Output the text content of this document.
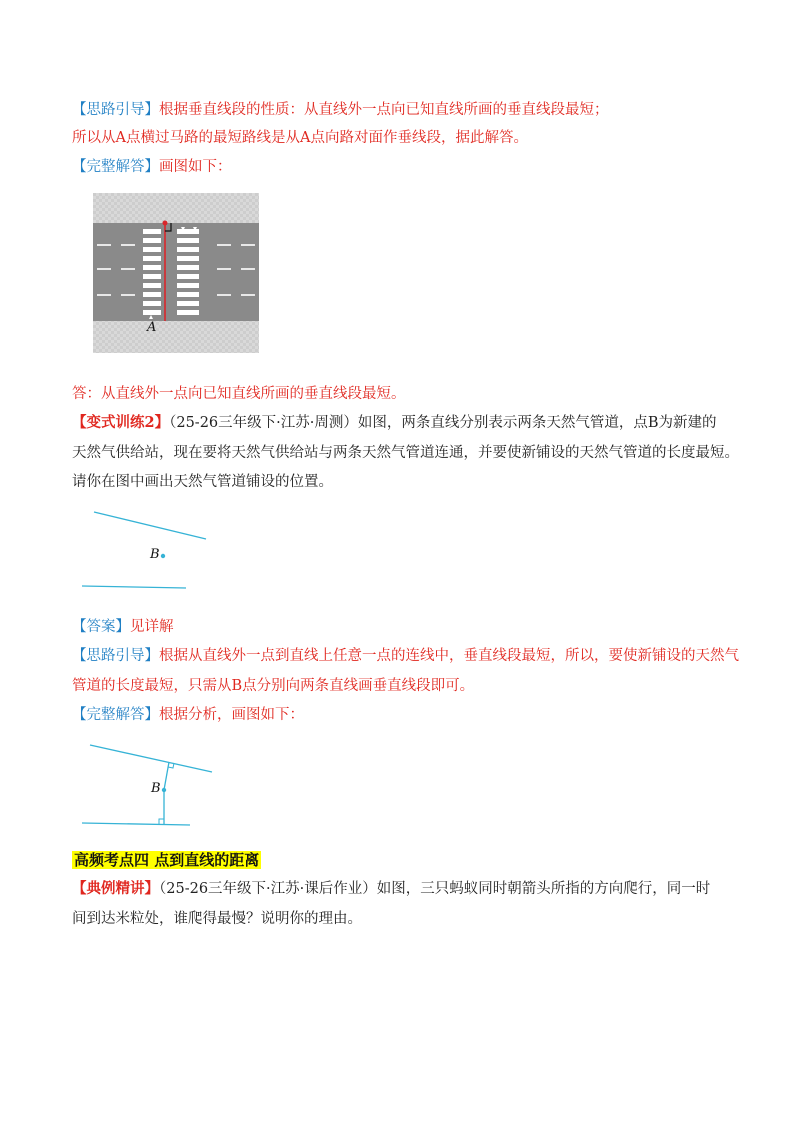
【思路引导】根据垂直线段的性质：从直线外一点向已知直线所画的垂直线段最短；
所以从A点横过马路的最短路线是从A点向路对面作垂线段，据此解答。
【完整解答】画图如下：
A
答：从直线外一点向已知直线所画的垂直线段最短。
【变式训练2】（25-26三年级下·江苏·周测）如图，两条直线分别表示两条天然气管道，点B为新建的
天然气供给站，现在要将天然气供给站与两条天然气管道连通，并要使新铺设的天然气管道的长度最短。
请你在图中画出天然气管道铺设的位置。
B
【答案】见详解
【思路引导】根据从直线外一点到直线上任意一点的连线中，垂直线段最短，所以，要使新铺设的天然气
管道的长度最短，只需从B点分别向两条直线画垂直线段即可。
【完整解答】根据分析，画图如下：
B
高频考点四 点到直线的距离
【典例精讲】（25-26三年级下·江苏·课后作业）如图，三只蚂蚁同时朝箭头所指的方向爬行，同一时
间到达米粒处，谁爬得最慢？说明你的理由。
